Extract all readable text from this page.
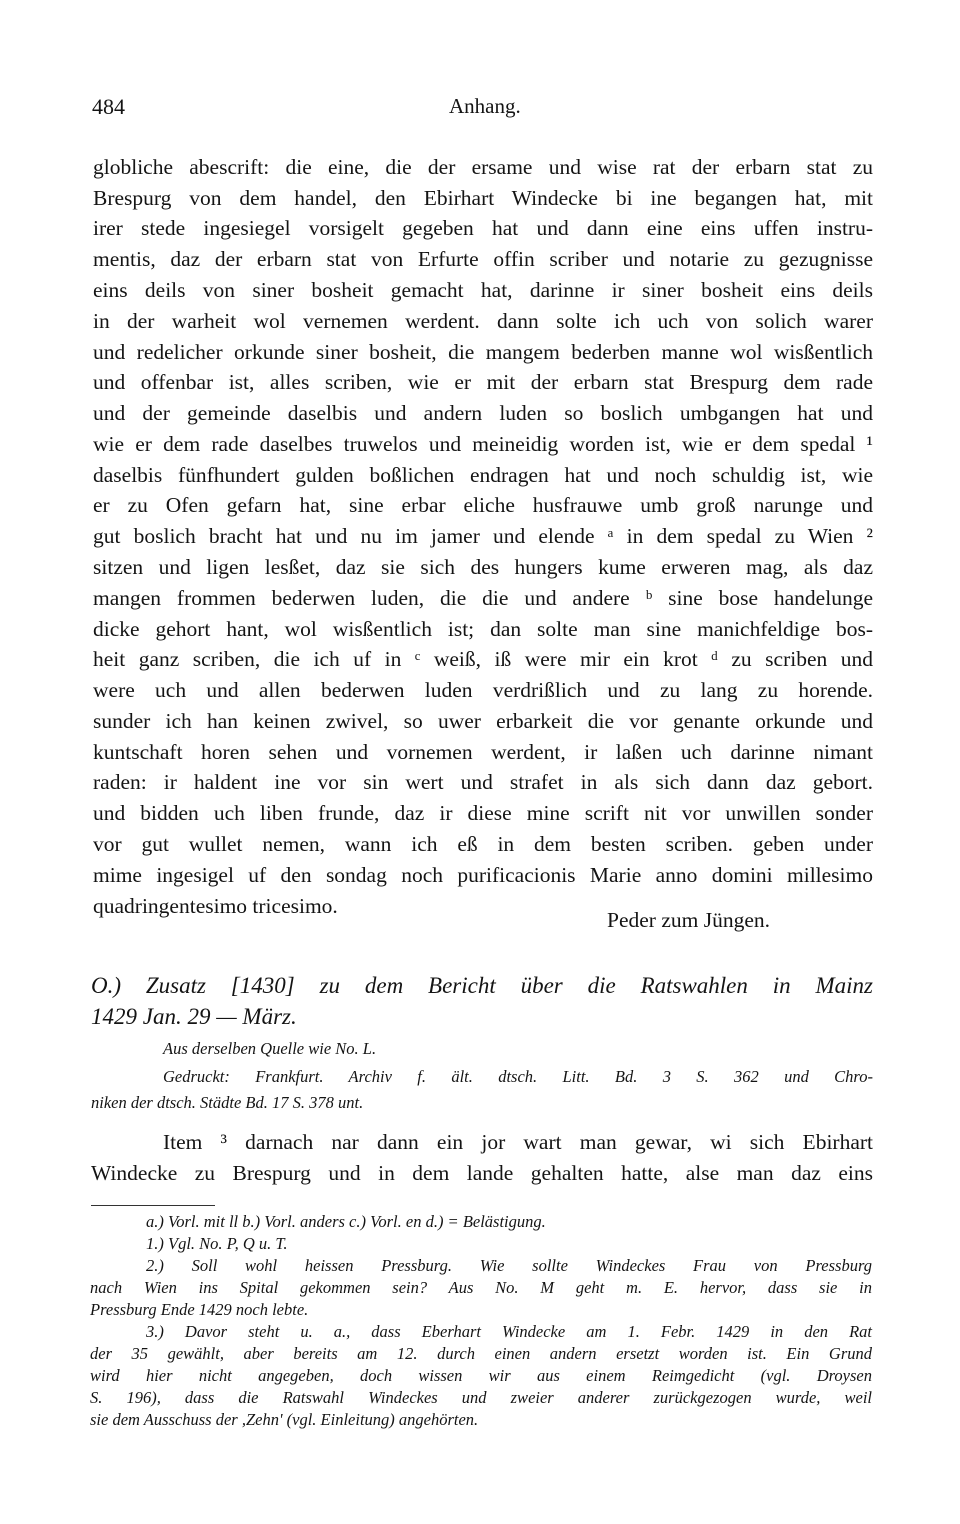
484	Anhang.
globliche abescrift: die eine, die der ersame und wise rat der erbarn stat zu
Brespurg von dem handel, den Ebirhart Windecke bi ine begangen hat, mit
irer stede ingesiegel vorsigelt gegeben hat und dann eine eins uffen instru-
mentis, daz der erbarn stat von Erfurte offin scriber und notarie zu gezugnisse
eins deils von siner bosheit gemacht hat, darinne ir siner bosheit eins deils
in der warheit wol vernemen werdent. dann solte ich uch von solich warer
und redelicher orkunde siner bosheit, die mangem bederben manne wol wisßentlich
und offenbar ist, alles scriben, wie er mit der erbarn stat Brespurg dem rade
und der gemeinde daselbis und andern luden so boslich umbgangen hat und
wie er dem rade daselbes truwelos und meineidig worden ist, wie er dem spedal ¹
daselbis fünfhundert gulden boßlichen endragen hat und noch schuldig ist, wie
er zu Ofen gefarn hat, sine erbar eliche husfrauwe umb groß narunge und
gut boslich bracht hat und nu im jamer und elende ᵃ in dem spedal zu Wien ²
sitzen und ligen lesßet, daz sie sich des hungers kume erweren mag, als daz
mangen frommen bederwen luden, die die und andere ᵇ sine bose handelunge
dicke gehort hant, wol wisßentlich ist; dan solte man sine manichfeldige bos-
heit ganz scriben, die ich uf in ᶜ weiß, iß were mir ein krot ᵈ zu scriben und
were uch und allen bederwen luden verdrißlich und zu lang zu horende.
sunder ich han keinen zwivel, so uwer erbarkeit die vor genante orkunde und
kuntschaft horen sehen und vornemen werdent, ir laßen uch darinne nimant
raden: ir haldent ine vor sin wert und strafet in als sich dann daz gebort.
und bidden uch liben frunde, daz ir diese mine scrift nit vor unwillen sonder
vor gut wullet nemen, wann ich eß in dem besten scriben. geben under
mime ingesigel uf den sondag noch purificacionis Marie anno domini millesimo
quadringentesimo tricesimo.
Peder zum Jüngen.
O.) Zusatz [1430] zu dem Bericht über die Ratswahlen in Mainz
1429 Jan. 29 — März.
Aus derselben Quelle wie No. L.
Gedruckt: Frankfurt. Archiv f. ält. dtsch. Litt. Bd. 3 S. 362 und Chro-
niken der dtsch. Städte Bd. 17 S. 378 unt.
Item ³ darnach nar dann ein jor wart man gewar, wi sich Ebirhart
Windecke zu Brespurg und in dem lande gehalten hatte, alse man daz eins
a.) Vorl. mit ll b.) Vorl. anders c.) Vorl. en d.) = Belästigung.
1.) Vgl. No. P, Q u. T.
2.) Soll wohl heissen Pressburg. Wie sollte Windeckes Frau von Pressburg
nach Wien ins Spital gekommen sein? Aus No. M geht m. E. hervor, dass sie in
Pressburg Ende 1429 noch lebte.
3.) Davor steht u. a., dass Eberhart Windecke am 1. Febr. 1429 in den Rat
der 35 gewählt, aber bereits am 12. durch einen andern ersetzt worden ist. Ein Grund
wird hier nicht angegeben, doch wissen wir aus einem Reimgedicht (vgl. Droysen
S. 196), dass die Ratswahl Windeckes und zweier anderer zurückgezogen wurde, weil
sie dem Ausschuss der ,Zehn' (vgl. Einleitung) angehörten.
